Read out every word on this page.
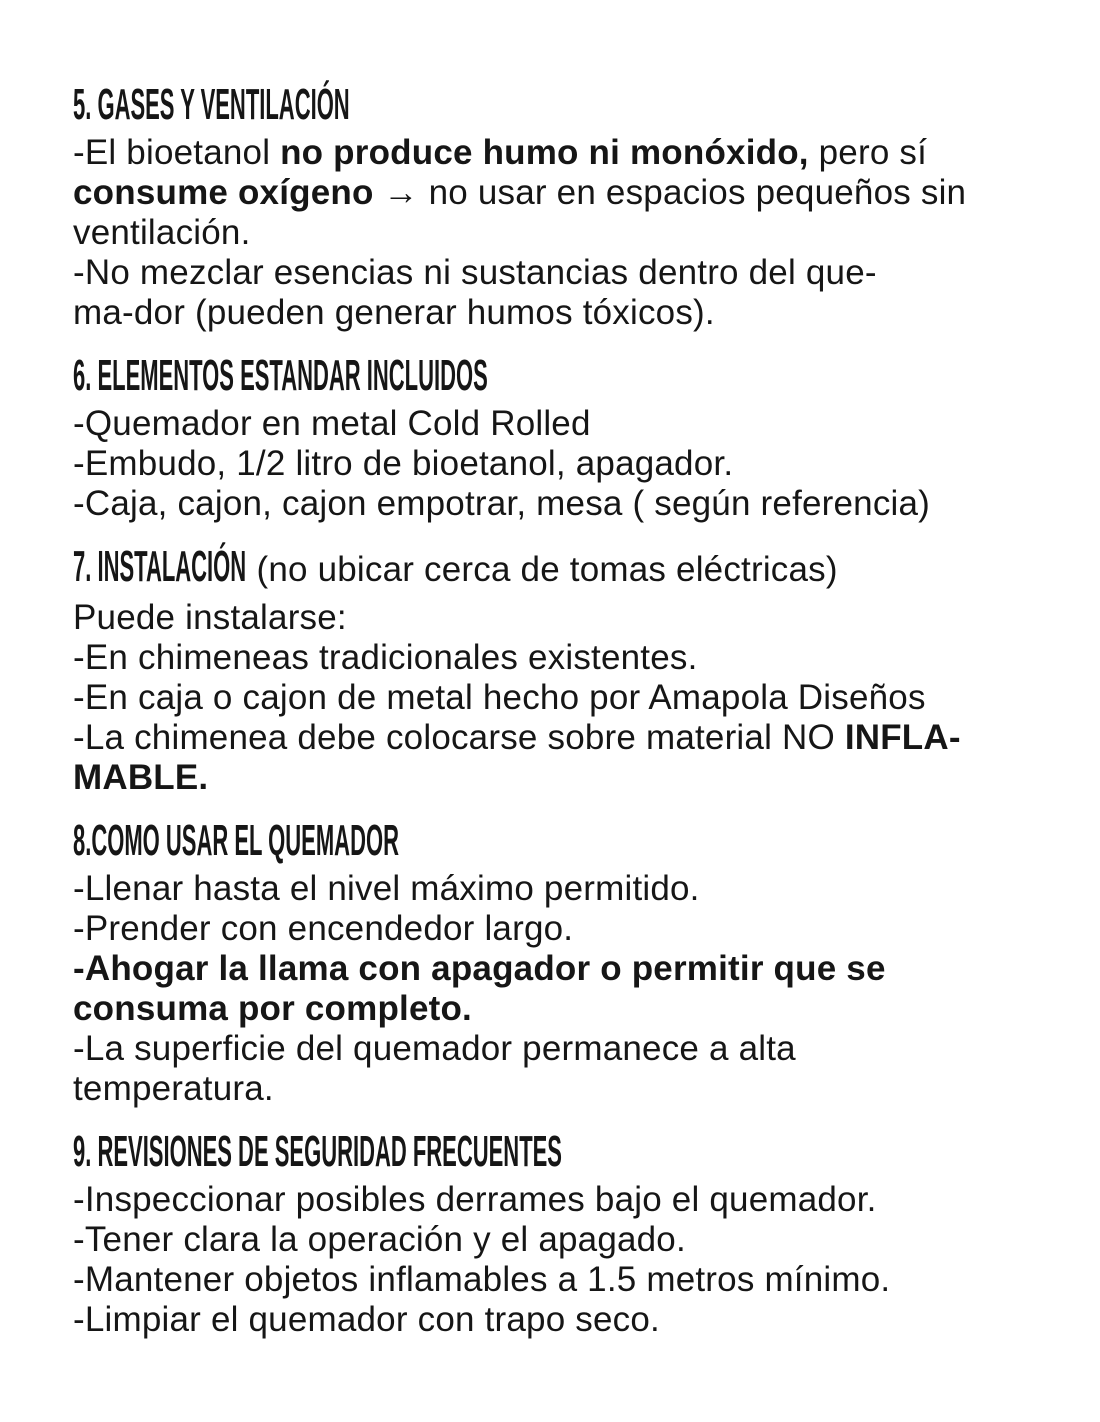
5. GASES Y VENTILACIÓN
-El bioetanol no produce humo ni monóxido, pero sí
consume oxígeno → no usar en espacios pequeños sin
ventilación.
-No mezclar esencias ni sustancias dentro del que-
ma-dor (pueden generar humos tóxicos).
6. ELEMENTOS ESTANDAR INCLUIDOS
-Quemador en metal Cold Rolled
-Embudo, 1/2 litro de bioetanol, apagador.
-Caja, cajon, cajon empotrar, mesa ( según referencia)
7. INSTALACIÓN (no ubicar cerca de tomas eléctricas)
Puede instalarse:
-En chimeneas tradicionales existentes.
-En caja o cajon de metal hecho por Amapola Diseños
-La chimenea debe colocarse sobre material NO INFLA-
MABLE.
8.COMO USAR EL QUEMADOR
-Llenar hasta el nivel máximo permitido.
-Prender con encendedor largo.
-Ahogar la llama con apagador o permitir que se
consuma por completo.
-La superficie del quemador permanece a alta
temperatura.
9. REVISIONES DE SEGURIDAD FRECUENTES
-Inspeccionar posibles derrames bajo el quemador.
-Tener clara la operación y el apagado.
-Mantener objetos inflamables a 1.5 metros mínimo.
-Limpiar el quemador con trapo seco.
